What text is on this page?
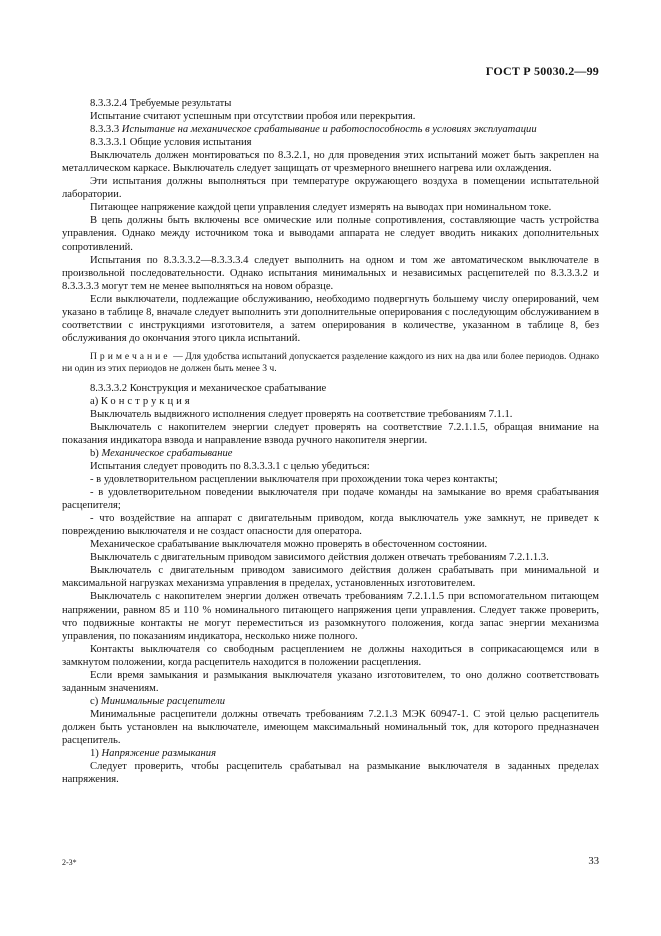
ГОСТ Р 50030.2—99

8.3.3.2.4 Требуемые результаты

Испытание считают успешным при отсутствии пробоя или перекрытия.

8.3.3.3 Испытание на механическое срабатывание и работоспособность в условиях эксплуатации

8.3.3.3.1 Общие условия испытания

Выключатель должен монтироваться по 8.3.2.1, но для проведения этих испытаний может быть закреплен на металлическом каркасе. Выключатель следует защищать от чрезмерного внешнего нагрева или охлаждения.

Эти испытания должны выполняться при температуре окружающего воздуха в помещении испытательной лаборатории.

Питающее напряжение каждой цепи управления следует измерять на выводах при номинальном токе.

В цепь должны быть включены все омические или полные сопротивления, составляющие часть устройства управления. Однако между источником тока и выводами аппарата не следует вводить никаких дополнительных сопротивлений.

Испытания по 8.3.3.3.2—8.3.3.3.4 следует выполнить на одном и том же автоматическом выключателе в произвольной последовательности. Однако испытания минимальных и независимых расцепителей по 8.3.3.3.2 и 8.3.3.3.3 могут тем не менее выполняться на новом образце.

Если выключатели, подлежащие обслуживанию, необходимо подвергнуть большему числу оперирований, чем указано в таблице 8, вначале следует выполнить эти дополнительные оперирования с последующим обслуживанием в соответствии с инструкциями изготовителя, а затем оперирования в количестве, указанном в таблице 8, без обслуживания до окончания этого цикла испытаний.

Примечание — Для удобства испытаний допускается разделение каждого из них на два или более периодов. Однако ни один из этих периодов не должен быть менее 3 ч.

8.3.3.3.2 Конструкция и механическое срабатывание

а) Конструкция

Выключатель выдвижного исполнения следует проверять на соответствие требованиям 7.1.1.

Выключатель с накопителем энергии следует проверять на соответствие 7.2.1.1.5, обращая внимание на показания индикатора взвода и направление взвода ручного накопителя энергии.

b) Механическое срабатывание

Испытания следует проводить по 8.3.3.3.1 с целью убедиться:

- в удовлетворительном расцеплении выключателя при прохождении тока через контакты;

- в удовлетворительном поведении выключателя при подаче команды на замыкание во время срабатывания расцепителя;

- что воздействие на аппарат с двигательным приводом, когда выключатель уже замкнут, не приведет к повреждению выключателя и не создаст опасности для оператора.

Механическое срабатывание выключателя можно проверять в обесточенном состоянии.

Выключатель с двигательным приводом зависимого действия должен отвечать требованиям 7.2.1.1.3.

Выключатель с двигательным приводом зависимого действия должен срабатывать при минимальной и максимальной нагрузках механизма управления в пределах, установленных изготовителем.

Выключатель с накопителем энергии должен отвечать требованиям 7.2.1.1.5 при вспомогательном питающем напряжении, равном 85 и 110 % номинального питающего напряжения цепи управления. Следует также проверить, что подвижные контакты не могут переместиться из разомкнутого положения, когда запас энергии механизма управления, по показаниям индикатора, несколько ниже полного.

Контакты выключателя со свободным расцеплением не должны находиться в соприкасающемся или в замкнутом положении, когда расцепитель находится в положении расцепления.

Если время замыкания и размыкания выключателя указано изготовителем, то оно должно соответствовать заданным значениям.

с) Минимальные расцепители

Минимальные расцепители должны отвечать требованиям 7.2.1.3 МЭК 60947-1. С этой целью расцепитель должен быть установлен на выключателе, имеющем максимальный номинальный ток, для которого предназначен расцепитель.

1) Напряжение размыкания

Следует проверить, чтобы расцепитель срабатывал на размыкание выключателя в заданных пределах напряжения.

2-3*	33
